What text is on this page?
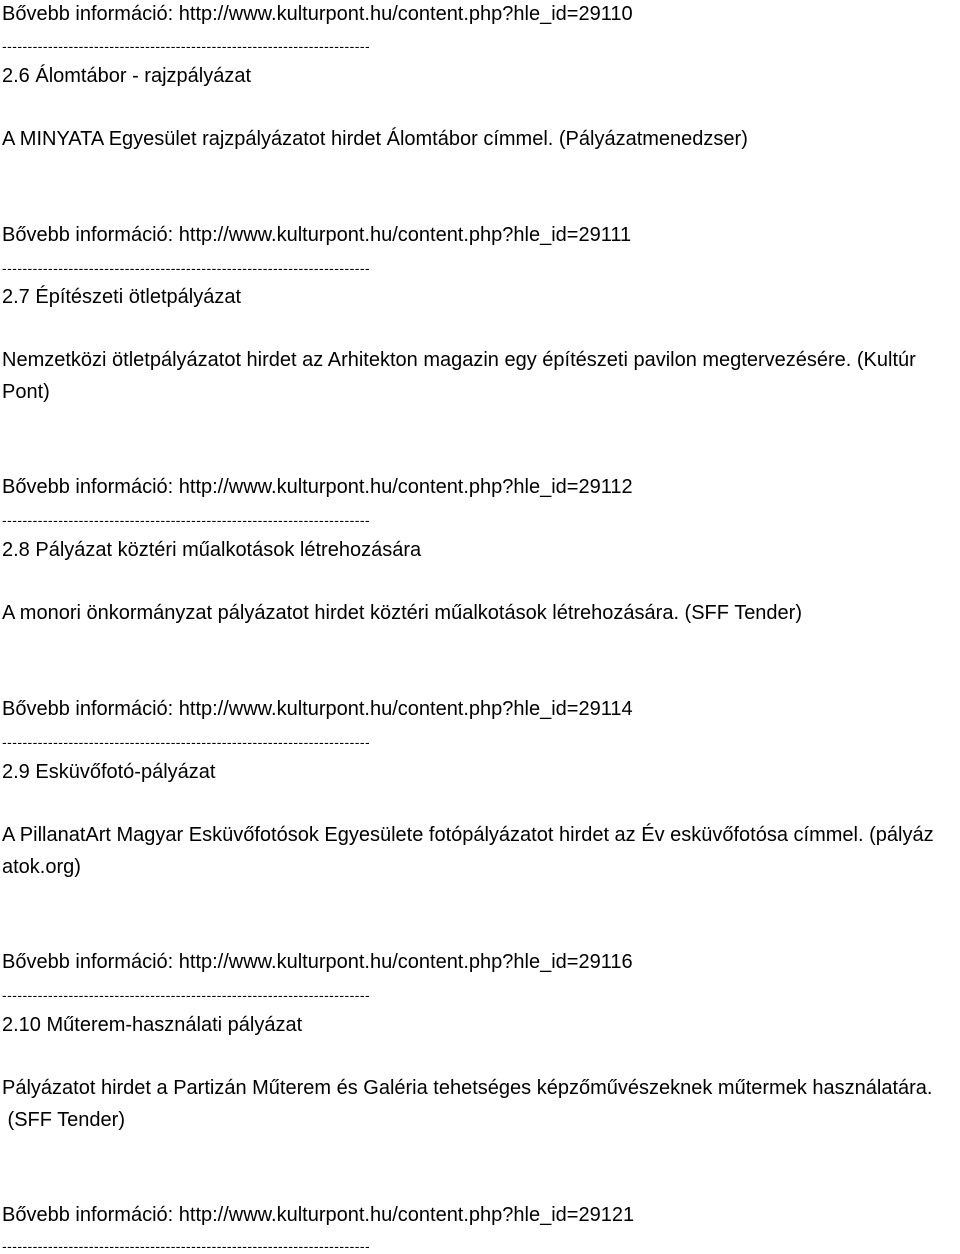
Bővebb információ: http://www.kulturpont.hu/content.php?hle_id=29110
------------------------------------------------------------------------
2.6 Álomtábor - rajzpályázat
A MINYATA Egyesület rajzpályázatot hirdet Álomtábor címmel. (Pályázatmenedzser)
Bővebb információ: http://www.kulturpont.hu/content.php?hle_id=29111
------------------------------------------------------------------------
2.7 Építészeti ötletpályázat
Nemzetközi ötletpályázatot hirdet az Arhitekton magazin egy építészeti pavilon megtervezésére. (Kultúr
Pont)
Bővebb információ: http://www.kulturpont.hu/content.php?hle_id=29112
------------------------------------------------------------------------
2.8 Pályázat köztéri műalkotások létrehozására
A monori önkormányzat pályázatot hirdet köztéri műalkotások létrehozására. (SFF Tender)
Bővebb információ: http://www.kulturpont.hu/content.php?hle_id=29114
------------------------------------------------------------------------
2.9 Esküvőfotó-pályázat
A PillanatArt Magyar Esküvőfotósok Egyesülete fotópályázatot hirdet az Év esküvőfotósa címmel. (pályáz
atok.org)
Bővebb információ: http://www.kulturpont.hu/content.php?hle_id=29116
------------------------------------------------------------------------
2.10 Műterem-használati pályázat
Pályázatot hirdet a Partizán Műterem és Galéria tehetséges képzőművészeknek műtermek használatára.
(SFF Tender)
Bővebb információ: http://www.kulturpont.hu/content.php?hle_id=29121
------------------------------------------------------------------------
